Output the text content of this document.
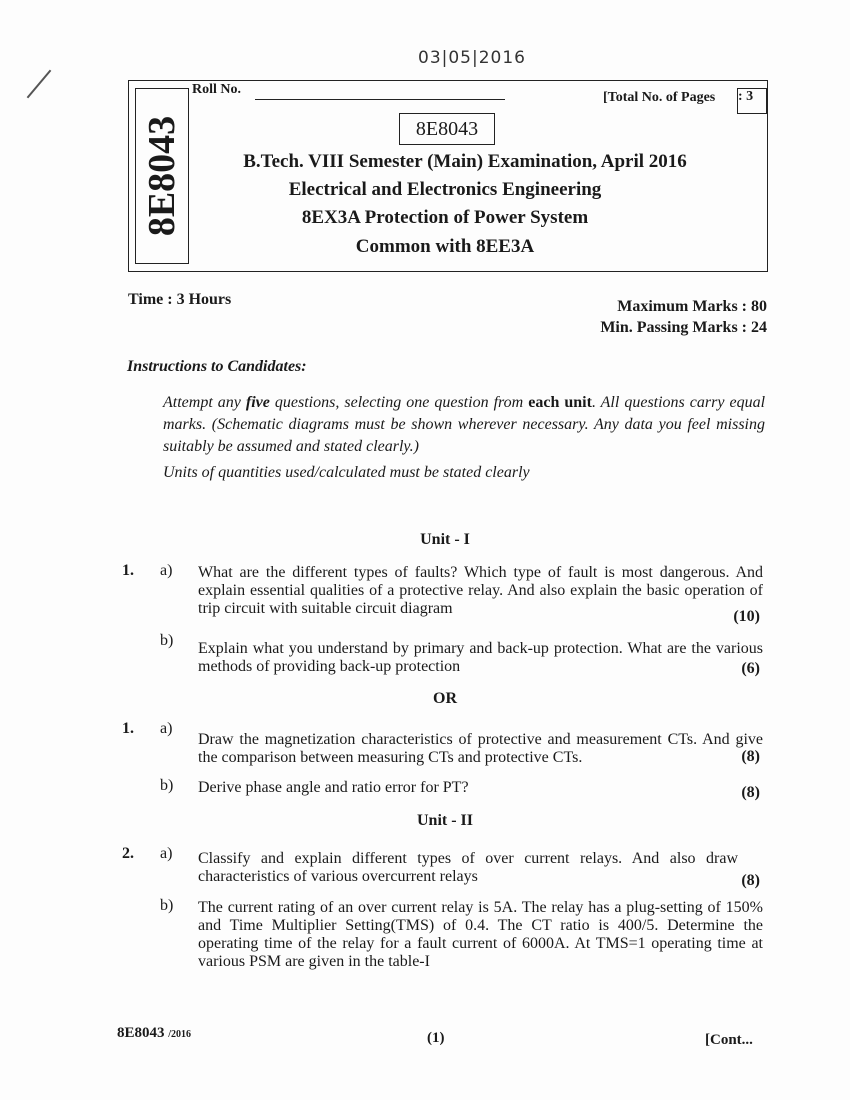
03|05|2016
8E8043
Roll No.
[Total No. of Pages : 3
8E8043
B.Tech. VIII Semester (Main) Examination, April 2016
Electrical and Electronics Engineering
8EX3A Protection of Power System
Common with 8EE3A
Time : 3 Hours	Maximum Marks : 80
Min. Passing Marks : 24
Instructions to Candidates:
Attempt any five questions, selecting one question from each unit. All questions carry equal marks. (Schematic diagrams must be shown wherever necessary. Any data you feel missing suitably be assumed and stated clearly.)
Units of quantities used/calculated must be stated clearly
Unit - I
1. a) What are the different types of faults? Which type of fault is most dangerous. And explain essential qualities of a protective relay. And also explain the basic operation of trip circuit with suitable circuit diagram	(10)
b) Explain what you understand by primary and back-up protection. What are the various methods of providing back-up protection	(6)
OR
1. a)
Draw the magnetization characteristics of protective and measurement CTs. And give the comparison between measuring CTs and protective CTs.	(8)
b) Derive phase angle and ratio error for PT?	(8)
Unit - II
2. a) Classify and explain different types of over current relays. And also draw characteristics of various overcurrent relays	(8)
b) The current rating of an over current relay is 5A. The relay has a plug-setting of 150% and Time Multiplier Setting(TMS) of 0.4. The CT ratio is 400/5. Determine the operating time of the relay for a fault current of 6000A. At TMS=1 operating time at various PSM are given in the table-I
8E8043 /2016	(1)	[Cont...
